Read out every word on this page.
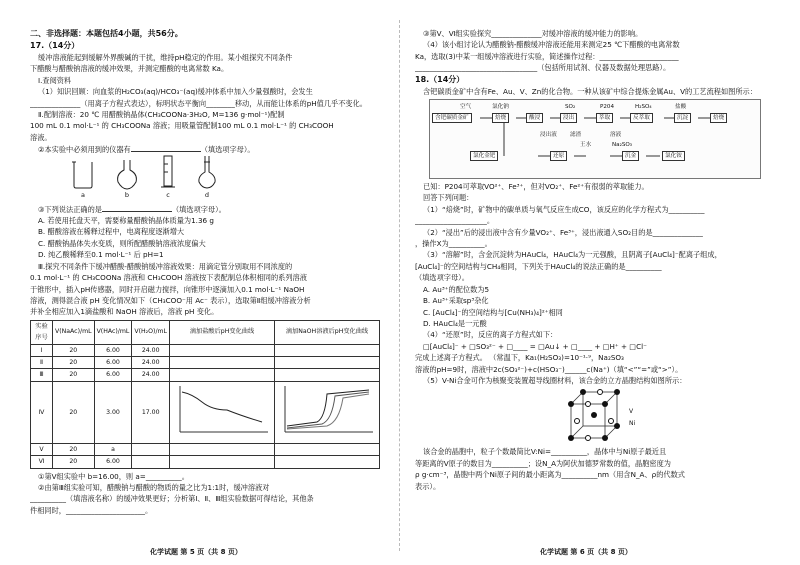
二、非选择题：本题包括4小题，共56分。

17.（14分）

缓冲溶液能起到缓解外界酸碱的干扰，维持pH稳定的作用。某小组探究不同条件

下醋酸与醋酸钠溶液的缓冲效果，并测定醋酸的电离常数 Ka。

Ⅰ.查阅资料

（1）知识回顾：向血浆的H₂CO₃(aq)/HCO₃⁻(aq)缓冲体系中加入少量强酸时，会发生

______________（用离子方程式表达），标明状态平衡向________移动，从而能让体系的pH值几乎不变化。

Ⅱ.配制溶液：20 ℃ 用醋酸钠晶体(CH₃COONa·3H₂O, M=136 g·mol⁻¹)配制

100 mL 0.1 mol·L⁻¹ 的 CH₃COONa 溶液；用吸量管配制100 mL 0.1 mol·L⁻¹ 的 CH₃COOH

溶液。

②本实验中必须用到的仪器有	（填选项字母）。

a	b	c	d

③下列说法正确的是	（填选项字母）。

A. 若使用托盘天平，需要称量醋酸钠晶体质量为1.36 g

B. 醋酸溶液在稀释过程中，电离程度逐渐增大

C. 醋酸钠晶体失水变质，则所配醋酸钠溶液浓度偏大

D. 纯乙酸稀释至0.1 mol·L⁻¹ 后 pH=1

Ⅲ.探究不同条件下缓冲醋酸-醋酸钠缓冲溶液效果：用滴定管分别取用不同浓度的

0.1 mol·L⁻¹ 的 CH₃COONa 溶液和 CH₃COOH 溶液按下表配制总体积相同的系列溶液

于锥形中，插入pH传感器，同时开启磁力搅拌，向锥形中逐滴加入0.1 mol·L⁻¹ NaOH

溶液，测得混合液 pH 变化情况如下（CH₃COO⁻用 Ac⁻ 表示），选取第Ⅱ组缓冲溶液分析

并补全相应加入1滴盐酸和 NaOH 溶液后，溶液 pH 变化。

实验序号	V(NaAc)/mL	V(HAc)/mL	V(H₂O)/mL	滴加盐酸后pH变化曲线	滴加NaOH溶液后pH变化曲线
Ⅰ	20	6.00	24.00		
Ⅱ	20	6.00	24.00		
Ⅲ	20	6.00	24.00		
Ⅳ	20	3.00	17.00		
Ⅴ	20	a			
Ⅵ	20	6.00			

①第Ⅴ组实验中 b=16.00，则 a=__________。

②由第Ⅲ组实验可知，醋酸钠与醋酸的物质的量之比为1:1时，缓冲溶液对

__________（填溶液名称）的缓冲效果更好；分析第Ⅰ、Ⅱ、Ⅲ组实验数据可得结论，其他条

件相同时，______________________。

化学试题 第 5 页（共 8 页）

③第Ⅴ、Ⅵ组实验探究______________对缓冲溶液的缓冲能力的影响。

（4）该小组讨论认为醋酸钠-醋酸缓冲溶液还能用来测定25 ℃下醋酸的电离常数

Ka，选取(3)中某一组缓冲溶液进行实验，简述操作过程：______________________

__________________________________（包括所用试剂、仪器及数据处理思路）。

18.（14分）

含钯碳质金矿中含有Fe、Au、V、Zn的化合物。一种从该矿中综合提炼金属Au、V的工艺流程如图所示：

含钯碳质金矿	焙烧	酸浸	浸出	萃取	反萃取	沉淀	焙烧
浸出液
氯化钠	SO₂	P204	H₂SO₄
空气	盐酸
滤渣	溶液
氯化金钯	还原
王水	Na₂SO₃
沉金	氯化铵

已知：P204可萃取VO²⁺、Fe³⁺，但对VO₂⁺、Fe²⁺有很弱的萃取能力。

回答下列问题：

（1）“焙烧”时，矿物中的碳单质与氧气反应生成CO，该反应的化学方程式为__________

____________________。

（2）“浸出”后的浸出液中含有少量VO₂⁺、Fe³⁺，浸出液通入SO₂目的是______________

，操作X为__________。

（3）“溶解”时，含金沉淀转为HAuCl₄，HAuCl₄为一元强酸，且阴离子[AuCl₄]⁻配离子组成，

[AuCl₄]⁻的空间结构与CH₄相同，下列关于HAuCl₄的说法正确的是__________

（填选项字母）。

A. Au³⁺的配位数为5

B. Au³⁺采取sp³杂化

C. [AuCl₄]⁻的空间结构与[Cu(NH₃)₄]²⁺相同

D. HAuCl₄是一元酸

（4）“还原”时，反应的离子方程式如下：

□[AuCl₄]⁻ + □SO₃²⁻ + □____ = □Au↓ + □____ + □H⁺ + □Cl⁻

完成上述离子方程式。 （常温下，Ka₁(H₂SO₃)=10⁻¹·⁹，Na₂SO₃

溶液的pH=9时，溶液中2c(SO₃²⁻)+c(HSO₃⁻)______c(Na⁺)（填“<”“=”或“>”）。

（5）V-Ni合金可作为核聚变装置超导线圈材料，该合金的立方晶胞结构如图所示：

V
Ni

该合金的晶胞中，粒子个数最简比V:Ni=__________，晶体中与Ni原子最近且

等距离的V原子的数目为__________；设N_A为阿伏加德罗常数的值，晶胞密度为

ρ g·cm⁻³，晶胞中两个Ni原子间的最小距离为__________nm（用含N_A、ρ的代数式

表示）。

化学试题 第 6 页（共 8 页）
